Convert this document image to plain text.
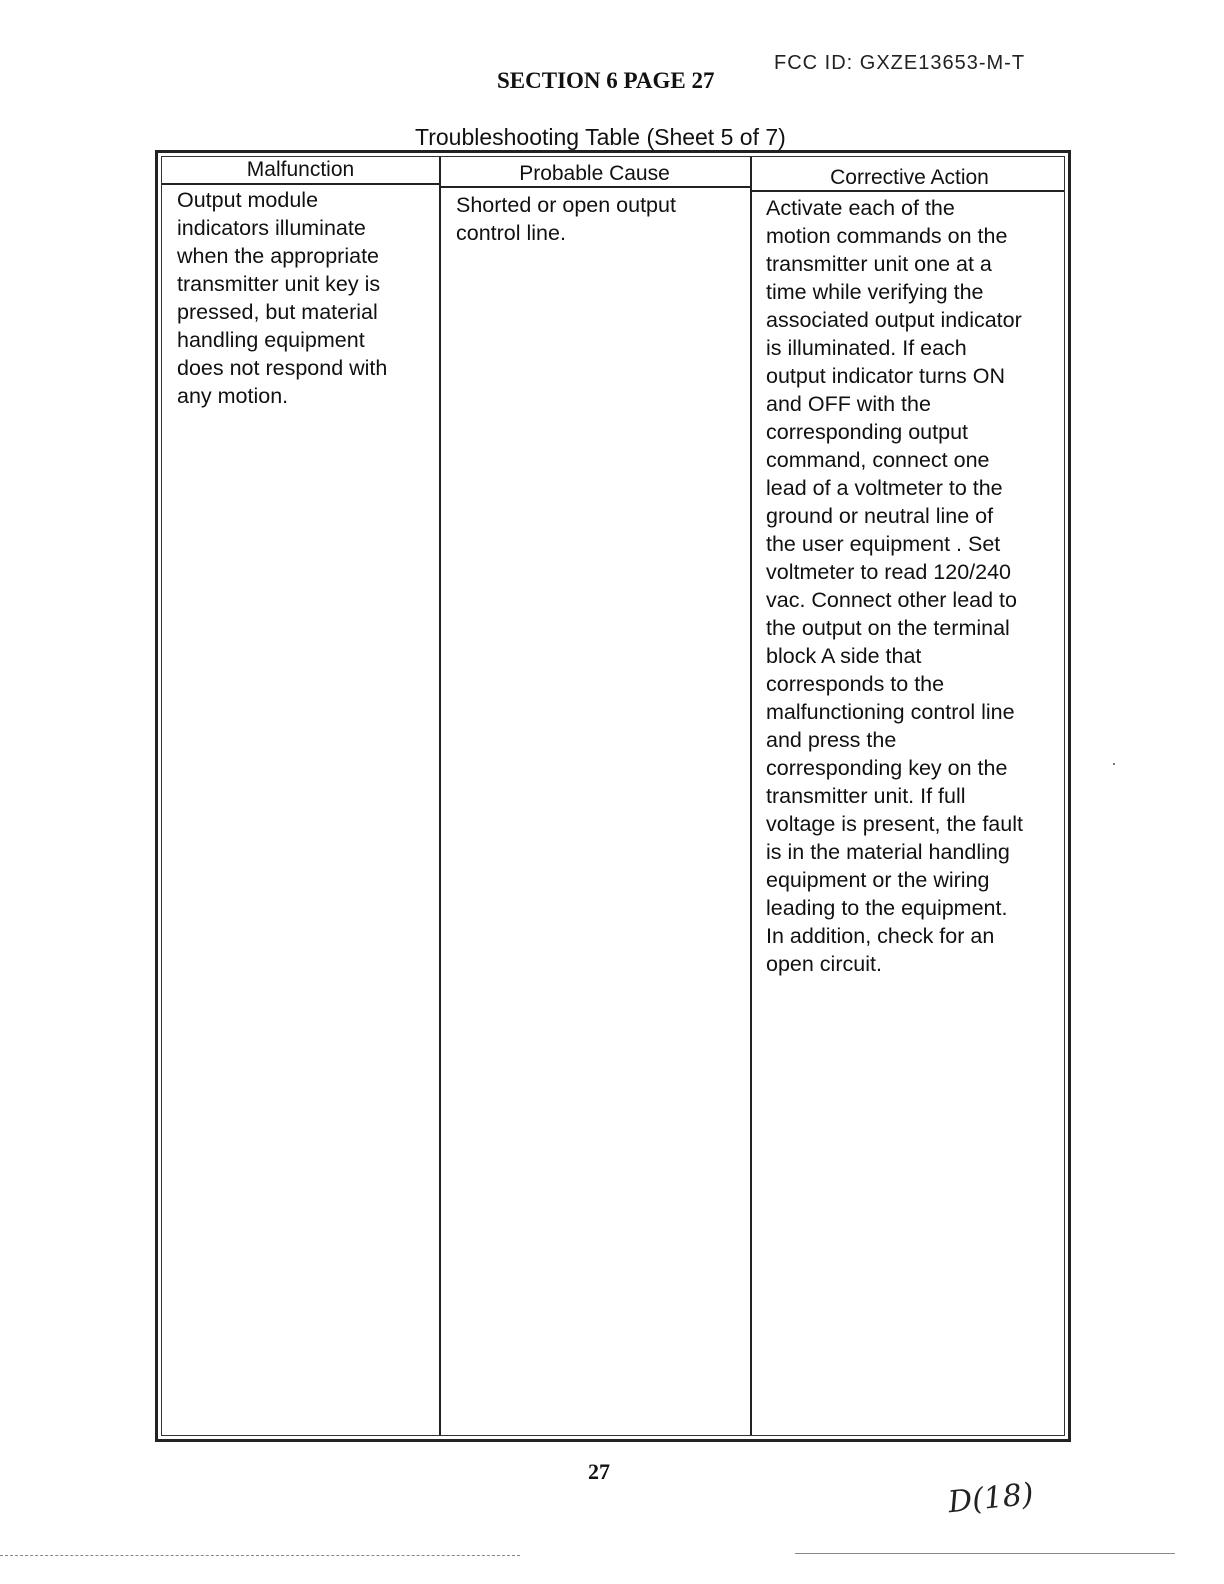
FCC ID: GXZE13653-M-T
SECTION 6 PAGE 27
Troubleshooting Table (Sheet 5 of 7)
Malfunction	Probable Cause	Corrective Action
Output module
indicators illuminate
when the appropriate
transmitter unit key is
pressed, but material
handling equipment
does not respond with
any motion.
Shorted or open output
control line.
Activate each of the
motion commands on the
transmitter unit one at a
time while verifying the
associated output indicator
is illuminated. If each
output indicator turns ON
and OFF with the
corresponding output
command, connect one
lead of a voltmeter to the
ground or neutral line of
the user equipment . Set
voltmeter to read 120/240
vac. Connect other lead to
the output on the terminal
block A side that
corresponds to the
malfunctioning control line
and press the
corresponding key on the
transmitter unit. If full
voltage is present, the fault
is in the material handling
equipment or the wiring
leading to the equipment.
In addition, check for an
open circuit.
27
D(18)
